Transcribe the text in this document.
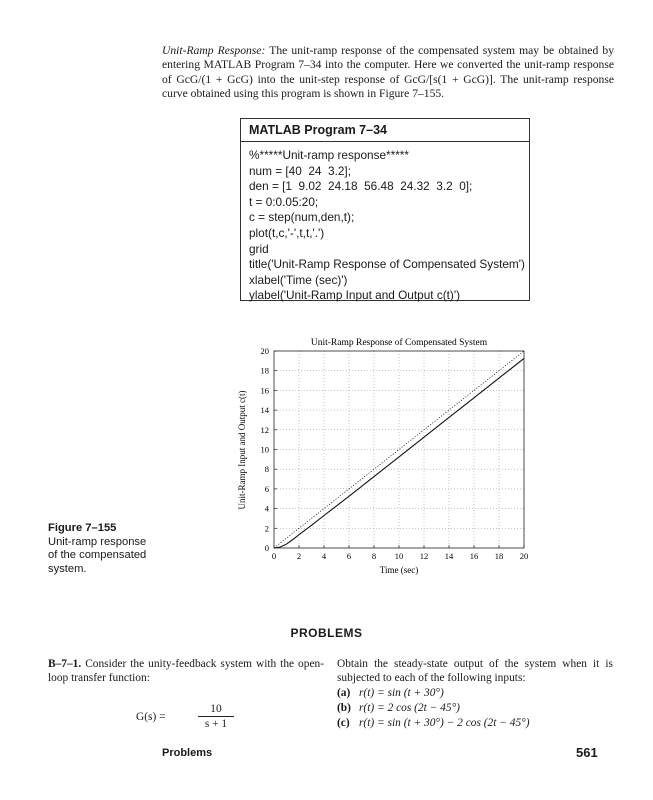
Unit-Ramp Response: The unit-ramp response of the compensated system may be obtained by entering MATLAB Program 7–34 into the computer. Here we converted the unit-ramp response of GcG/(1 + GcG) into the unit-step response of GcG/[s(1 + GcG)]. The unit-ramp response curve obtained using this program is shown in Figure 7–155.
MATLAB Program 7–34
%*****Unit-ramp response*****
num = [40  24  3.2];
den = [1  9.02  24.18  56.48  24.32  3.2  0];
t = 0:0.05:20;
c = step(num,den,t);
plot(t,c,'-',t,t,'.')
grid
title('Unit-Ramp Response of Compensated System')
xlabel('Time (sec)')
ylabel('Unit-Ramp Input and Output c(t)')
Figure 7–155
Unit-ramp response of the compensated system.
Unit-Ramp Response of Compensated System
Time (sec)
Unit-Ramp Input and Output c(t)
0 2 4 6 8 10 12 14 16 18 20
0
2
4
6
8
10
12
14
16
18
20
PROBLEMS
B–7–1. Consider the unity-feedback system with the open-loop transfer function:
G(s) =
10
s + 1
Obtain the steady-state output of the system when it is subjected to each of the following inputs:
(a) r(t) = sin (t + 30°)
(b) r(t) = 2 cos (2t − 45°)
(c) r(t) = sin (t + 30°) − 2 cos (2t − 45°)
Problems	561
